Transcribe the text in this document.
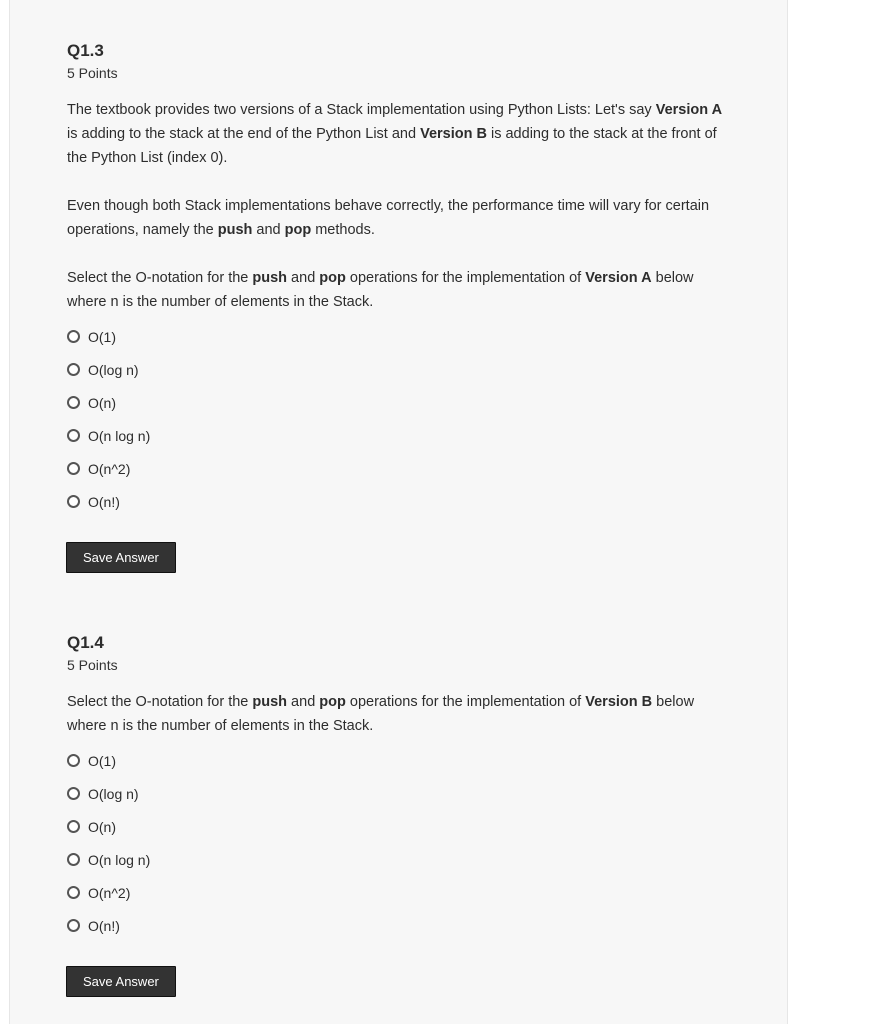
Q1.3
5 Points

The textbook provides two versions of a Stack implementation using Python Lists: Let's say Version A is adding to the stack at the end of the Python List and Version B is adding to the stack at the front of the Python List (index 0).

Even though both Stack implementations behave correctly, the performance time will vary for certain operations, namely the push and pop methods.

Select the O-notation for the push and pop operations for the implementation of Version A below where n is the number of elements in the Stack.

O(1)
O(log n)
O(n)
O(n log n)
O(n^2)
O(n!)
Save Answer
Q1.4
5 Points

Select the O-notation for the push and pop operations for the implementation of Version B below where n is the number of elements in the Stack.

O(1)
O(log n)
O(n)
O(n log n)
O(n^2)
O(n!)
Save Answer
